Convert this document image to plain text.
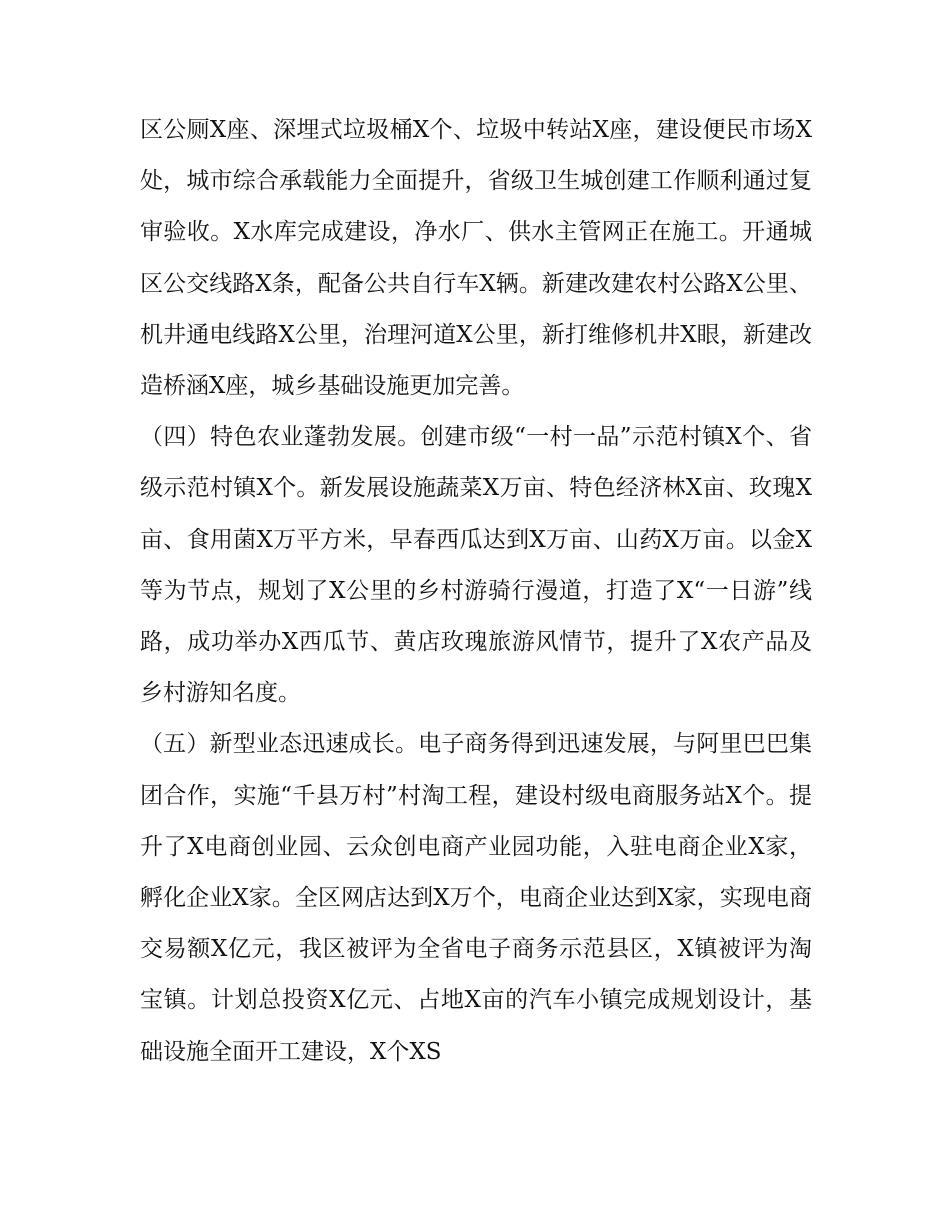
区公厕X座、深埋式垃圾桶X个、垃圾中转站X座，建设便民市场X处，城市综合承载能力全面提升，省级卫生城创建工作顺利通过复审验收。X水库完成建设，净水厂、供水主管网正在施工。开通城区公交线路X条，配备公共自行车X辆。新建改建农村公路X公里、机井通电线路X公里，治理河道X公里，新打维修机井X眼，新建改造桥涵X座，城乡基础设施更加完善。

（四）特色农业蓬勃发展。创建市级“一村一品”示范村镇X个、省级示范村镇X个。新发展设施蔬菜X万亩、特色经济林X亩、玫瑰X亩、食用菌X万平方米，早春西瓜达到X万亩、山药X万亩。以金X等为节点，规划了X公里的乡村游骑行漫道，打造了X“一日游”线路，成功举办X西瓜节、黄店玫瑰旅游风情节，提升了X农产品及乡村游知名度。

（五）新型业态迅速成长。电子商务得到迅速发展，与阿里巴巴集团合作，实施“千县万村”村淘工程，建设村级电商服务站X个。提升了X电商创业园、云众创电商产业园功能，入驻电商企业X家，孵化企业X家。全区网店达到X万个，电商企业达到X家，实现电商交易额X亿元，我区被评为全省电子商务示范县区，X镇被评为淘宝镇。计划总投资X亿元、占地X亩的汽车小镇完成规划设计，基础设施全面开工建设，X个XS
